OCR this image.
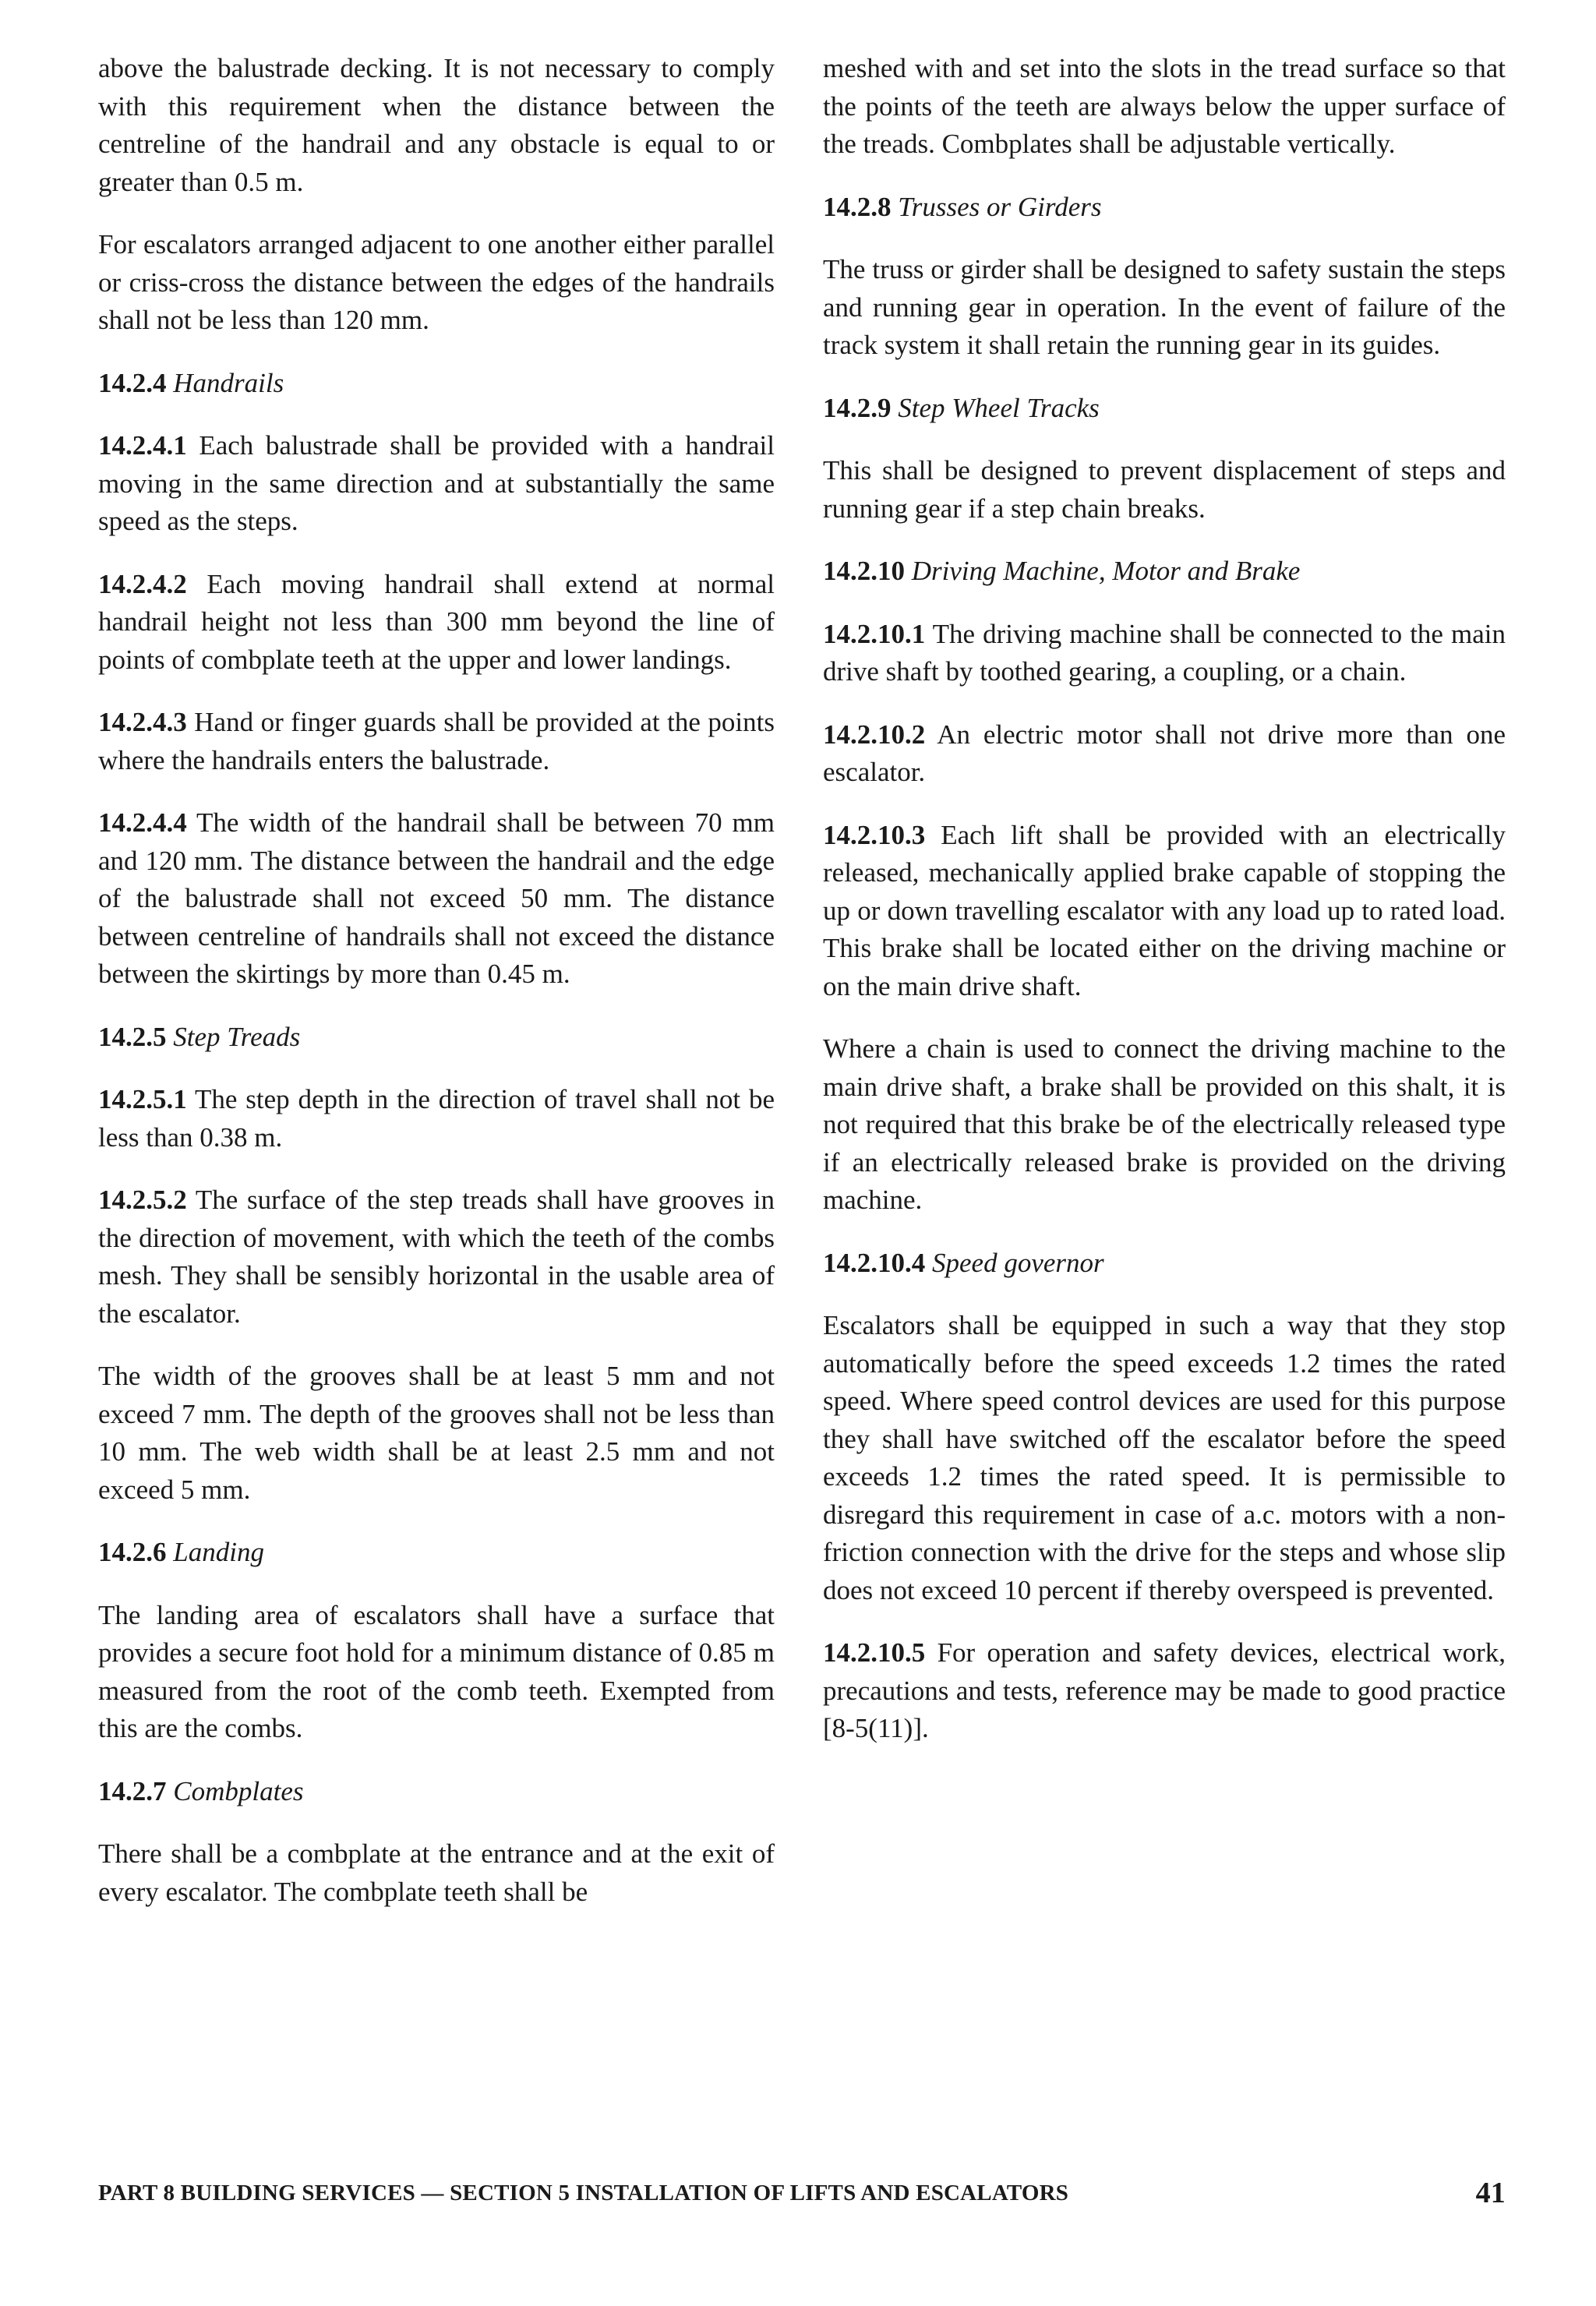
above the balustrade decking. It is not necessary to comply with this requirement when the distance between the centreline of the handrail and any obstacle is equal to or greater than 0.5 m.

For escalators arranged adjacent to one another either parallel or criss-cross the distance between the edges of the handrails shall not be less than 120 mm.

14.2.4 Handrails

14.2.4.1 Each balustrade shall be provided with a handrail moving in the same direction and at substantially the same speed as the steps.

14.2.4.2 Each moving handrail shall extend at normal handrail height not less than 300 mm beyond the line of points of combplate teeth at the upper and lower landings.

14.2.4.3 Hand or finger guards shall be provided at the points where the handrails enters the balustrade.

14.2.4.4 The width of the handrail shall be between 70 mm and 120 mm. The distance between the handrail and the edge of the balustrade shall not exceed 50 mm. The distance between centreline of handrails shall not exceed the distance between the skirtings by more than 0.45 m.

14.2.5 Step Treads

14.2.5.1 The step depth in the direction of travel shall not be less than 0.38 m.

14.2.5.2 The surface of the step treads shall have grooves in the direction of movement, with which the teeth of the combs mesh. They shall be sensibly horizontal in the usable area of the escalator.

The width of the grooves shall be at least 5 mm and not exceed 7 mm. The depth of the grooves shall not be less than 10 mm. The web width shall be at least 2.5 mm and not exceed 5 mm.

14.2.6 Landing

The landing area of escalators shall have a surface that provides a secure foot hold for a minimum distance of 0.85 m measured from the root of the comb teeth. Exempted from this are the combs.

14.2.7 Combplates

There shall be a combplate at the entrance and at the exit of every escalator. The combplate teeth shall be

meshed with and set into the slots in the tread surface so that the points of the teeth are always below the upper surface of the treads. Combplates shall be adjustable vertically.

14.2.8 Trusses or Girders

The truss or girder shall be designed to safety sustain the steps and running gear in operation. In the event of failure of the track system it shall retain the running gear in its guides.

14.2.9 Step Wheel Tracks

This shall be designed to prevent displacement of steps and running gear if a step chain breaks.

14.2.10 Driving Machine, Motor and Brake

14.2.10.1 The driving machine shall be connected to the main drive shaft by toothed gearing, a coupling, or a chain.

14.2.10.2 An electric motor shall not drive more than one escalator.

14.2.10.3 Each lift shall be provided with an electrically released, mechanically applied brake capable of stopping the up or down travelling escalator with any load up to rated load. This brake shall be located either on the driving machine or on the main drive shaft.

Where a chain is used to connect the driving machine to the main drive shaft, a brake shall be provided on this shalt, it is not required that this brake be of the electrically released type if an electrically released brake is provided on the driving machine.

14.2.10.4 Speed governor

Escalators shall be equipped in such a way that they stop automatically before the speed exceeds 1.2 times the rated speed. Where speed control devices are used for this purpose they shall have switched off the escalator before the speed exceeds 1.2 times the rated speed. It is permissible to disregard this requirement in case of a.c. motors with a non-friction connection with the drive for the steps and whose slip does not exceed 10 percent if thereby overspeed is prevented.

14.2.10.5 For operation and safety devices, electrical work, precautions and tests, reference may be made to good practice [8-5(11)].

PART 8 BUILDING SERVICES — SECTION 5 INSTALLATION OF LIFTS AND ESCALATORS	41
